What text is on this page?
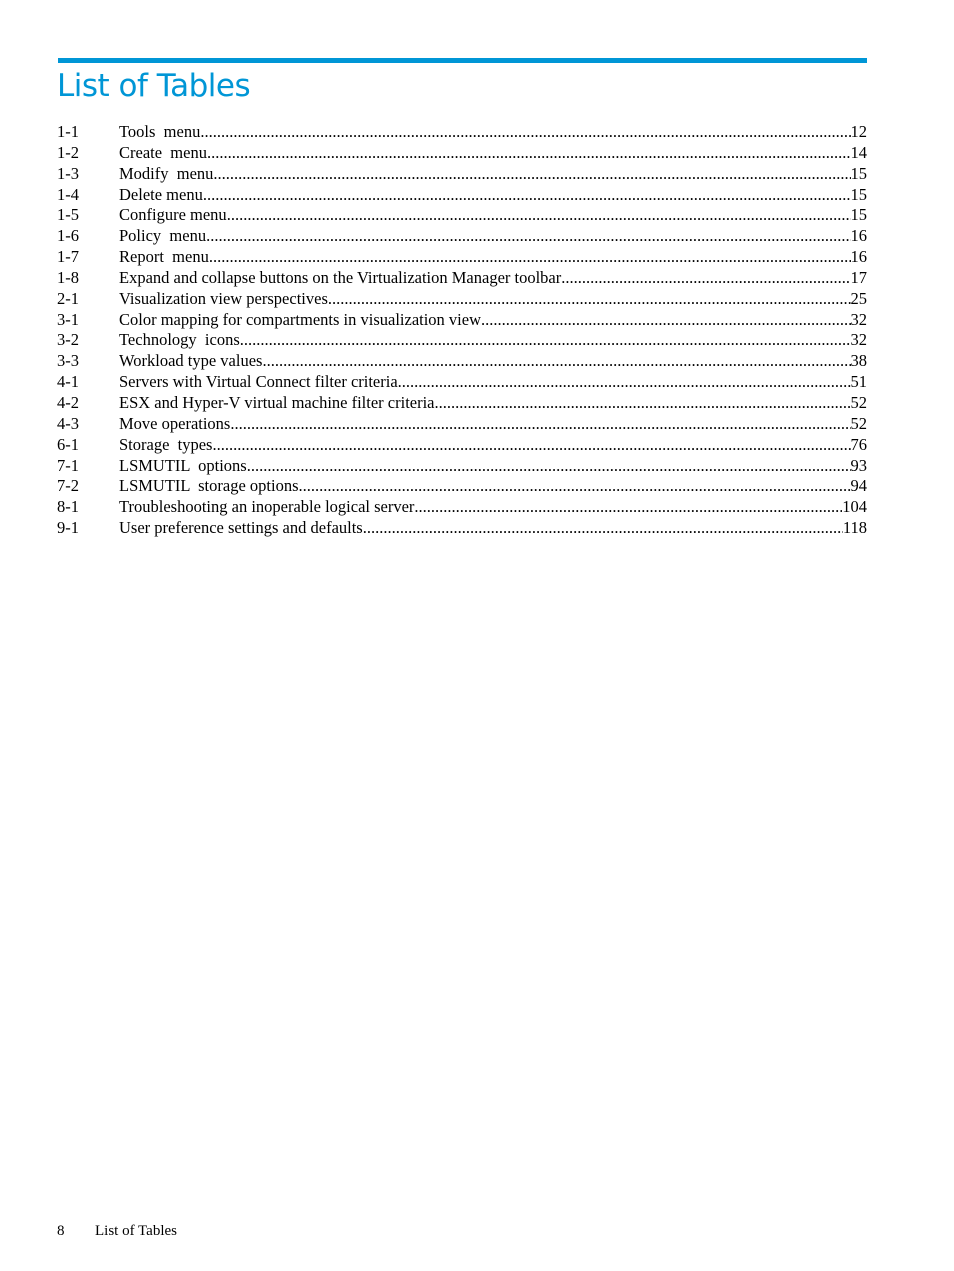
List of Tables
1-1	Tools  menu .....	12
1-2	Create  menu .....	14
1-3	Modify  menu .....	15
1-4	Delete menu .....	15
1-5	Configure menu .....	15
1-6	Policy  menu .....	16
1-7	Report  menu .....	16
1-8	Expand and collapse buttons on the Virtualization Manager toolbar .....	17
2-1	Visualization view perspectives .....	25
3-1	Color mapping for compartments in visualization view .....	32
3-2	Technology  icons .....	32
3-3	Workload type values .....	38
4-1	Servers with Virtual Connect filter criteria .....	51
4-2	ESX and Hyper-V virtual machine filter criteria .....	52
4-3	Move operations .....	52
6-1	Storage  types .....	76
7-1	LSMUTIL  options .....	93
7-2	LSMUTIL  storage options .....	94
8-1	Troubleshooting an inoperable logical server .....	104
9-1	User preference settings and defaults .....	118
8 List of Tables
